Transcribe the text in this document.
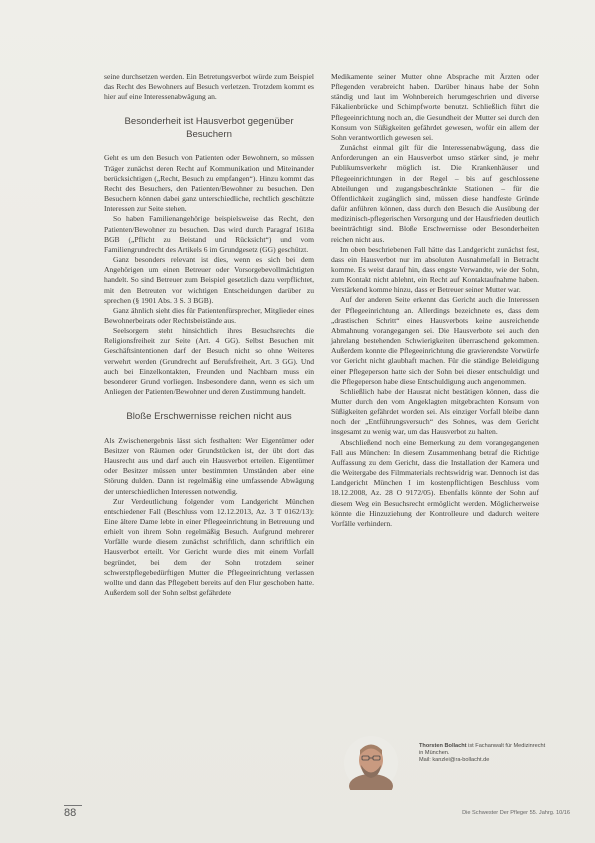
seine durchsetzen werden. Ein Betretungsverbot würde zum Beispiel das Recht des Bewohners auf Besuch verletzen. Trotzdem kommt es hier auf eine Interessenabwägung an.

Besonderheit ist Hausverbot gegenüber Besuchern

Geht es um den Besuch von Patienten oder Bewohnern, so müssen Träger zunächst deren Recht auf Kommunikation und Miteinander berücksichtigen („Recht, Besuch zu empfangen“). Hinzu kommt das Recht des Besuchers, den Patienten/Bewohner zu besuchen. Den Besuchern können dabei ganz unterschiedliche, rechtlich geschützte Interessen zur Seite stehen.

So haben Familienangehörige beispielsweise das Recht, den Patienten/Bewohner zu besuchen. Das wird durch Paragraf 1618a BGB („Pflicht zu Beistand und Rücksicht“) und vom Familiengrundrecht des Artikels 6 im Grundgesetz (GG) geschützt.

Ganz besonders relevant ist dies, wenn es sich bei dem Angehörigen um einen Betreuer oder Vorsorgebevollmächtigten handelt. So sind Betreuer zum Beispiel gesetzlich dazu verpflichtet, mit den Betreuten vor wichtigen Entscheidungen darüber zu sprechen (§ 1901 Abs. 3 S. 3 BGB).

Ganz ähnlich sieht dies für Patientenfürsprecher, Mitglieder eines Bewohnerbeirats oder Rechtsbeistände aus.

Seelsorgern steht hinsichtlich ihres Besuchsrechts die Religionsfreiheit zur Seite (Art. 4 GG). Selbst Besuchen mit Geschäftsintentionen darf der Besuch nicht so ohne Weiteres verwehrt werden (Grundrecht auf Berufsfreiheit, Art. 3 GG). Und auch bei Einzelkontakten, Freunden und Nachbarn muss ein besonderer Grund vorliegen. Insbesondere dann, wenn es sich um Anliegen der Patienten/Bewohner und deren Zustimmung handelt.

Bloße Erschwernisse reichen nicht aus

Als Zwischenergebnis lässt sich festhalten: Wer Eigentümer oder Besitzer von Räumen oder Grundstücken ist, der übt dort das Hausrecht aus und darf auch ein Hausverbot erteilen. Eigentümer oder Besitzer müssen unter bestimmten Umständen aber eine Störung dulden. Dann ist regelmäßig eine umfassende Abwägung der unterschiedlichen Interessen notwendig.

Zur Verdeutlichung folgender vom Landgericht München entschiedener Fall (Beschluss vom 12.12.2013, Az. 3 T 0162/13): Eine ältere Dame lebte in einer Pflegeeinrichtung in Betreuung und erhielt von ihrem Sohn regelmäßig Besuch. Aufgrund mehrerer Vorfälle wurde diesem zunächst schriftlich, dann schriftlich ein Hausverbot erteilt. Vor Gericht wurde dies mit einem Vorfall begründet, bei dem der Sohn trotzdem seiner schwerstpflegebedürftigen Mutter die Pflegeeinrichtung verlassen wollte und dann das Pflegebett bereits auf den Flur geschoben hatte. Außerdem soll der Sohn selbst gefährdete

Medikamente seiner Mutter ohne Absprache mit Ärzten oder Pflegenden verabreicht haben. Darüber hinaus habe der Sohn ständig und laut im Wohnbereich herumgeschrien und diverse Fäkalienbrücke und Schimpfworte benutzt. Schließlich führt die Pflegeeinrichtung noch an, die Gesundheit der Mutter sei durch den Konsum von Süßigkeiten gefährdet gewesen, wofür ein allem der Sohn verantwortlich gewesen sei.

Zunächst einmal gilt für die Interessenabwägung, dass die Anforderungen an ein Hausverbot umso stärker sind, je mehr Publikumsverkehr möglich ist. Die Krankenhäuser und Pflegeeinrichtungen in der Regel – bis auf geschlossene Abteilungen und zugangsbeschränkte Stationen – für die Öffentlichkeit zugänglich sind, müssen diese handfeste Gründe dafür anführen können, dass durch den Besuch die Ausübung der medizinisch-pflegerischen Versorgung und der Hausfrieden deutlich beeinträchtigt sind. Bloße Erschwernisse oder Besonderheiten reichen nicht aus.

Im oben beschriebenen Fall hätte das Landgericht zunächst fest, dass ein Hausverbot nur im absoluten Ausnahmefall in Betracht komme. Es weist darauf hin, dass engste Verwandte, wie der Sohn, zum Kontakt nicht ablehnt, ein Recht auf Kontaktaufnahme haben. Verstärkend komme hinzu, dass er Betreuer seiner Mutter war.

Auf der anderen Seite erkennt das Gericht auch die Interessen der Pflegeeinrichtung an. Allerdings bezeichnete es, dass dem „drastischen Schritt“ eines Hausverbots keine ausreichende Abmahnung vorangegangen sei. Die Hausverbote sei auch den jahrelang bestehenden Schwierigkeiten überraschend gekommen. Außerdem konnte die Pflegeeinrichtung die gravierendste Vorwürfe vor Gericht nicht glaubhaft machen. Für die ständige Beleidigung einer Pflegeperson hatte sich der Sohn bei dieser entschuldigt und die Pflegeperson habe diese Entschuldigung auch angenommen.

Schließlich habe der Hausrat nicht bestätigen können, dass die Mutter durch den vom Angeklagten mitgebrachten Konsum von Süßigkeiten gefährdet worden sei. Als einziger Vorfall bleibe dann noch der „Entführungsversuch“ des Sohnes, was dem Gericht insgesamt zu wenig war, um das Hausverbot zu halten.

Abschließend noch eine Bemerkung zu dem vorangegangenen Fall aus München: In diesem Zusammenhang betraf die Richtige Auffassung zu dem Gericht, dass die Installation der Kamera und die Weitergabe des Filmmaterials rechtswidrig war. Dennoch ist das Landgericht München I im kostenpflichtigen Beschluss vom 18.12.2008, Az. 28 O 9172/05). Ebenfalls könnte der Sohn auf diesem Weg ein Besuchsrecht ermöglicht werden. Möglicherweise könnte die Hinzuziehung der Kontrolleure und dadurch weitere Vorfälle verhindern.

Thorsten Bollacht ist Fachanwalt für Medizinrecht in München.
Mail: kanzlei@ra-bollacht.de
88	Die Schwester Der Pfleger 55. Jahrg. 10/16
